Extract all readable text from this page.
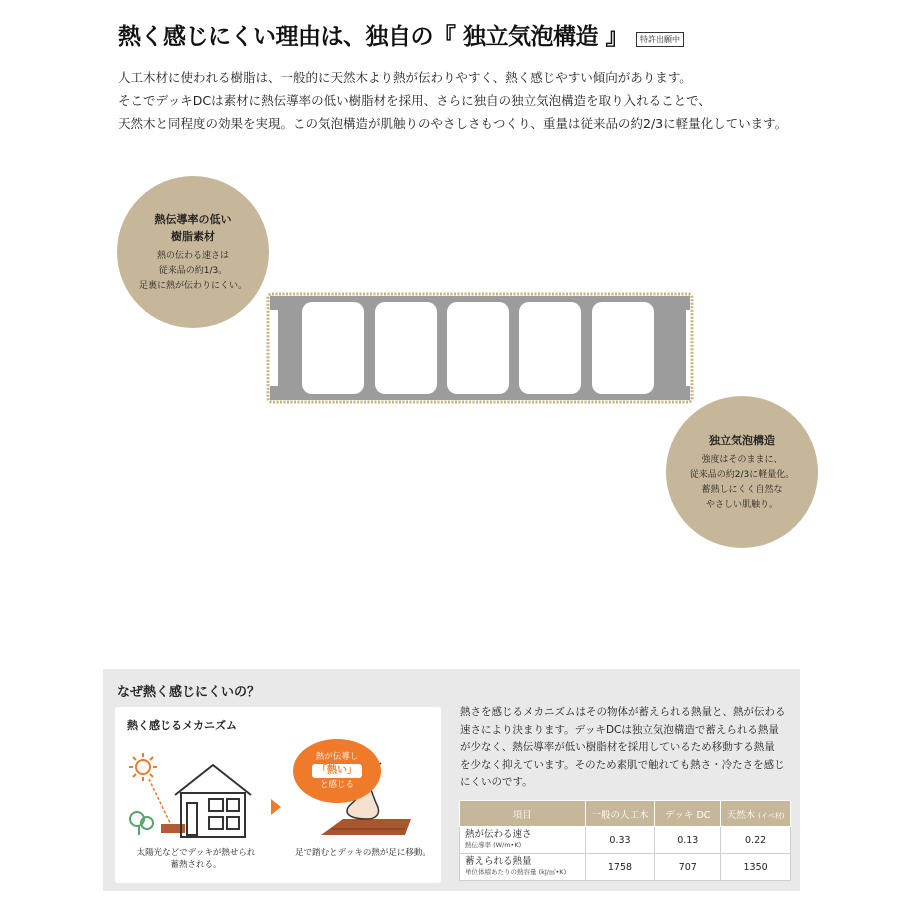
熱く感じにくい理由は、独自の『 独立気泡構造 』	特許出願中

人工木材に使われる樹脂は、一般的に天然木より熱が伝わりやすく、熱く感じやすい傾向があります。

そこでデッキDCは素材に熱伝導率の低い樹脂材を採用、さらに独自の独立気泡構造を取り入れることで、

天然木と同程度の効果を実現。この気泡構造が肌触りのやさしさもつくり、重量は従来品の約2/3に軽量化しています。

熱伝導率の低い
樹脂素材
熱の伝わる速さは
従来品の約1/3。
足裏に熱が伝わりにくい。
独立気泡構造
強度はそのままに、
従来品の約2/3に軽量化。
蓄熱しにくく自然な
やさしい肌触り。
なぜ熱く感じにくいの？
熱く感じるメカニズム
熱が伝導し
「熱い」
と感じる
太陽光などでデッキが熱せられ
蓄熱される。
足で踏むとデッキの熱が足に移動。

熱さを感じるメカニズムはその物体が蓄えられる熱量と、熱が伝わる

速さにより決まります。デッキDCは独立気泡構造で蓄えられる熱量

が少なく、熱伝導率が低い樹脂材を採用しているため移動する熱量

を少なく抑えています。そのため素肌で触れても熱さ・冷たさを感じ

にくいのです。

項目	一般の人工木	デッキ DC	天然木 (イペ材)
熱が伝わる速さ
熱伝導率 (W/m•K)	0.33	0.13	0.22
蓄えられる熱量
単位体積あたりの熱容量 (kJ/㎥•K)	1758	707	1350
